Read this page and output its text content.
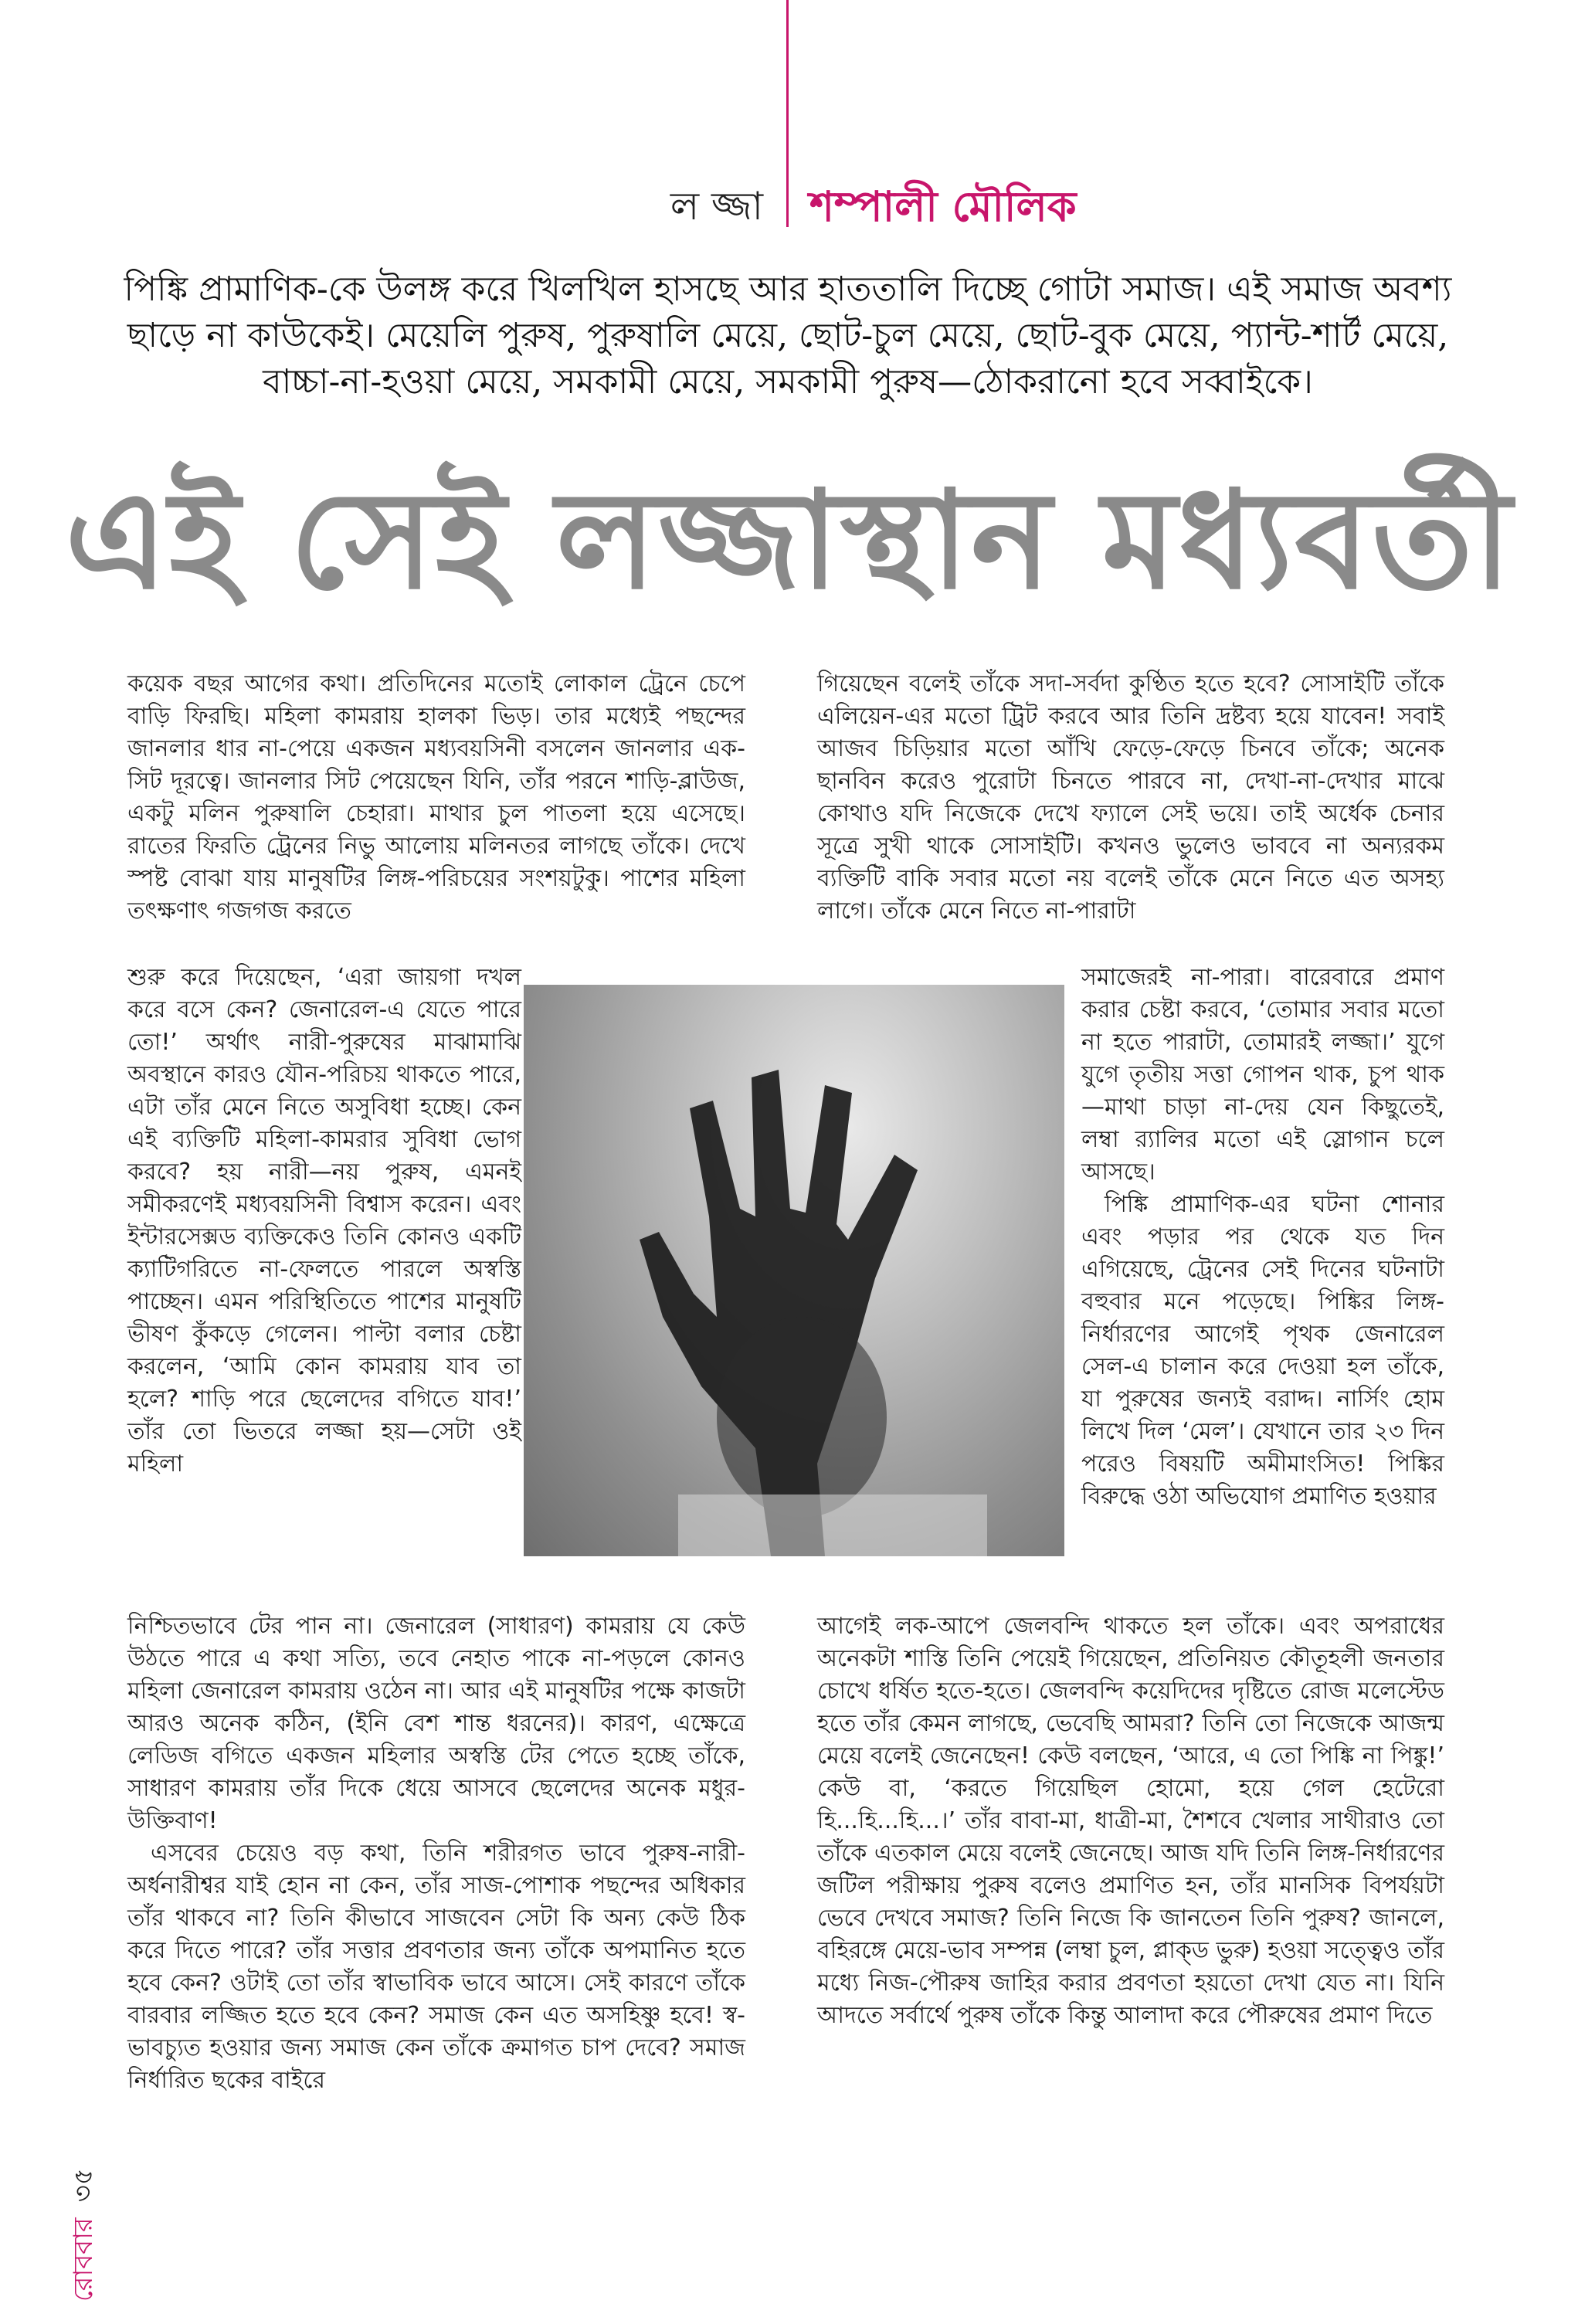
ল জ্জা শম্পালী মৌলিক
পিঙ্কি প্রামাণিক-কে উলঙ্গ করে খিলখিল হাসছে আর হাততালি দিচ্ছে গোটা সমাজ। এই সমাজ অবশ্য ছাড়ে না কাউকেই। মেয়েলি পুরুষ, পুরুষালি মেয়ে, ছোট-চুল মেয়ে, ছোট-বুক মেয়ে, প্যান্ট-শার্ট মেয়ে, বাচ্চা-না-হওয়া মেয়ে, সমকামী মেয়ে, সমকামী পুরুষ—ঠোকরানো হবে সব্বাইকে।
এই সেই লজ্জাস্থান মধ্যবর্তী

কয়েক বছর আগের কথা। প্রতিদিনের মতোই লোকাল ট্রেনে চেপে বাড়ি ফিরছি। মহিলা কামরায় হালকা ভিড়। তার মধ্যেই পছন্দের জানলার ধার না-পেয়ে একজন মধ্যবয়সিনী বসলেন জানলার এক-সিট দূরত্বে। জানলার সিট পেয়েছেন যিনি, তাঁর পরনে শাড়ি-ব্লাউজ, একটু মলিন পুরুষালি চেহারা। মাথার চুল পাতলা হয়ে এসেছে। রাতের ফিরতি ট্রেনের নিভু আলোয় মলিনতর লাগছে তাঁকে। দেখে স্পষ্ট বোঝা যায় মানুষটির লিঙ্গ-পরিচয়ের সংশয়টুকু। পাশের মহিলা তৎক্ষণাৎ গজগজ করতে

গিয়েছেন বলেই তাঁকে সদা-সর্বদা কুণ্ঠিত হতে হবে? সোসাইটি তাঁকে এলিয়েন-এর মতো ট্রিট করবে আর তিনি দ্রষ্টব্য হয়ে যাবেন! সবাই আজব চিড়িয়ার মতো আঁখি ফেড়ে-ফেড়ে চিনবে তাঁকে; অনেক ছানবিন করেও পুরোটা চিনতে পারবে না, দেখা-না-দেখার মাঝে কোথাও যদি নিজেকে দেখে ফ্যালে সেই ভয়ে। তাই অর্ধেক চেনার সূত্রে সুখী থাকে সোসাইটি। কখনও ভুলেও ভাববে না অন্যরকম ব্যক্তিটি বাকি সবার মতো নয় বলেই তাঁকে মেনে নিতে এত অসহ্য লাগে। তাঁকে মেনে নিতে না-পারাটা

শুরু করে দিয়েছেন, ‘এরা জায়গা দখল করে বসে কেন? জেনারেল-এ যেতে পারে তো!’ অর্থাৎ নারী-পুরুষের মাঝামাঝি অবস্থানে কারও যৌন-পরিচয় থাকতে পারে, এটা তাঁর মেনে নিতে অসুবিধা হচ্ছে। কেন এই ব্যক্তিটি মহিলা-কামরার সুবিধা ভোগ করবে? হয় নারী—নয় পুরুষ, এমনই সমীকরণেই মধ্যবয়সিনী বিশ্বাস করেন। এবং ইন্টারসেক্সড ব্যক্তিকেও তিনি কোনও একটি ক্যাটিগরিতে না-ফেলতে পারলে অস্বস্তি পাচ্ছেন। এমন পরিস্থিতিতে পাশের মানুষটি ভীষণ কুঁকড়ে গেলেন। পাল্টা বলার চেষ্টা করলেন, ‘আমি কোন কামরায় যাব তা হলে? শাড়ি পরে ছেলেদের বগিতে যাব!’ তাঁর তো ভিতরে লজ্জা হয়—সেটা ওই মহিলা

সমাজেরই না-পারা। বারেবারে প্রমাণ করার চেষ্টা করবে, ‘তোমার সবার মতো না হতে পারাটা, তোমারই লজ্জা।’ যুগে যুগে তৃতীয় সত্তা গোপন থাক, চুপ থাক—মাথা চাড়া না-দেয় যেন কিছুতেই, লম্বা র‌্যালির মতো এই স্লোগান চলে আসছে।

পিঙ্কি প্রামাণিক-এর ঘটনা শোনার এবং পড়ার পর থেকে যত দিন এগিয়েছে, ট্রেনের সেই দিনের ঘটনাটা বহুবার মনে পড়েছে। পিঙ্কির লিঙ্গ-নির্ধারণের আগেই পৃথক জেনারেল সেল-এ চালান করে দেওয়া হল তাঁকে, যা পুরুষের জন্যই বরাদ্দ। নার্সিং হোম লিখে দিল ‘মেল’। যেখানে তার ২৩ দিন পরেও বিষয়টি অমীমাংসিত! পিঙ্কির বিরুদ্ধে ওঠা অভিযোগ প্রমাণিত হওয়ার

নিশ্চিতভাবে টের পান না। জেনারেল (সাধারণ) কামরায় যে কেউ উঠতে পারে এ কথা সত্যি, তবে নেহাত পাকে না-পড়লে কোনও মহিলা জেনারেল কামরায় ওঠেন না। আর এই মানুষটির পক্ষে কাজটা আরও অনেক কঠিন, (ইনি বেশ শান্ত ধরনের)। কারণ, এক্ষেত্রে লেডিজ বগিতে একজন মহিলার অস্বস্তি টের পেতে হচ্ছে তাঁকে, সাধারণ কামরায় তাঁর দিকে ধেয়ে আসবে ছেলেদের অনেক মধুর-উক্তিবাণ!

এসবের চেয়েও বড় কথা, তিনি শরীরগত ভাবে পুরুষ-নারী-অর্ধনারীশ্বর যাই হোন না কেন, তাঁর সাজ-পোশাক পছন্দের অধিকার তাঁর থাকবে না? তিনি কীভাবে সাজবেন সেটা কি অন্য কেউ ঠিক করে দিতে পারে? তাঁর সত্তার প্রবণতার জন্য তাঁকে অপমানিত হতে হবে কেন? ওটাই তো তাঁর স্বাভাবিক ভাবে আসে। সেই কারণে তাঁকে বারবার লজ্জিত হতে হবে কেন? সমাজ কেন এত অসহিষ্ণু হবে! স্ব-ভাবচ্যুত হওয়ার জন্য সমাজ কেন তাঁকে ক্রমাগত চাপ দেবে? সমাজ নির্ধারিত ছকের বাইরে

আগেই লক-আপে জেলবন্দি থাকতে হল তাঁকে। এবং অপরাধের অনেকটা শাস্তি তিনি পেয়েই গিয়েছেন, প্রতিনিয়ত কৌতূহলী জনতার চোখে ধর্ষিত হতে-হতে। জেলবন্দি কয়েদিদের দৃষ্টিতে রোজ মলেস্টেড হতে তাঁর কেমন লাগছে, ভেবেছি আমরা? তিনি তো নিজেকে আজন্ম মেয়ে বলেই জেনেছেন! কেউ বলছেন, ‘আরে, এ তো পিঙ্কি না পিঙ্কু!’ কেউ বা, ‘করতে গিয়েছিল হোমো, হয়ে গেল হেটেরো হি...হি...হি...।’ তাঁর বাবা-মা, ধাত্রী-মা, শৈশবে খেলার সাথীরাও তো তাঁকে এতকাল মেয়ে বলেই জেনেছে। আজ যদি তিনি লিঙ্গ-নির্ধারণের জটিল পরীক্ষায় পুরুষ বলেও প্রমাণিত হন, তাঁর মানসিক বিপর্যয়টা ভেবে দেখবে সমাজ? তিনি নিজে কি জানতেন তিনি পুরুষ? জানলে, বহিরঙ্গে মেয়ে-ভাব সম্পন্ন (লম্বা চুল, প্লাক্‌ড ভুরু) হওয়া সত্ত্বেও তাঁর মধ্যে নিজ-পৌরুষ জাহির করার প্রবণতা হয়তো দেখা যেত না। যিনি আদতে সর্বার্থে পুরুষ তাঁকে কিন্তু আলাদা করে পৌরুষের প্রমাণ দিতে

রোববার
৩৫
